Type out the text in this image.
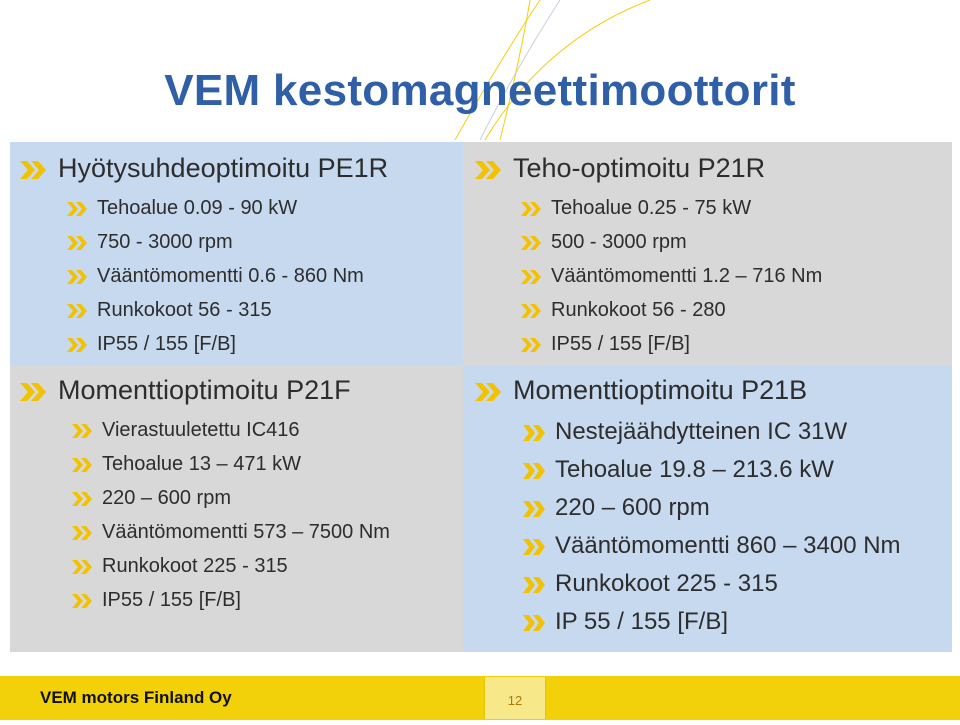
VEM kestomagneettimoottorit
Hyötysuhdeoptimoitu PE1R
Tehoalue 0.09 - 90 kW
750 - 3000 rpm
Vääntömomentti 0.6 - 860 Nm
Runkokoot 56 - 315
IP55 / 155 [F/B]
Teho-optimoitu P21R
Tehoalue 0.25 - 75 kW
500 - 3000 rpm
Vääntömomentti 1.2 – 716 Nm
Runkokoot 56 - 280
IP55 / 155 [F/B]
Momenttioptimoitu P21F
Vierastuuletettu IC416
Tehoalue 13 – 471 kW
220 – 600 rpm
Vääntömomentti 573 – 7500 Nm
Runkokoot 225 - 315
IP55 / 155 [F/B]
Momenttioptimoitu P21B
Nestejäähdytteinen IC 31W
Tehoalue 19.8 – 213.6 kW
220 – 600 rpm
Vääntömomentti 860 – 3400 Nm
Runkokoot 225 - 315
IP 55 / 155 [F/B]
VEM motors Finland Oy	12
